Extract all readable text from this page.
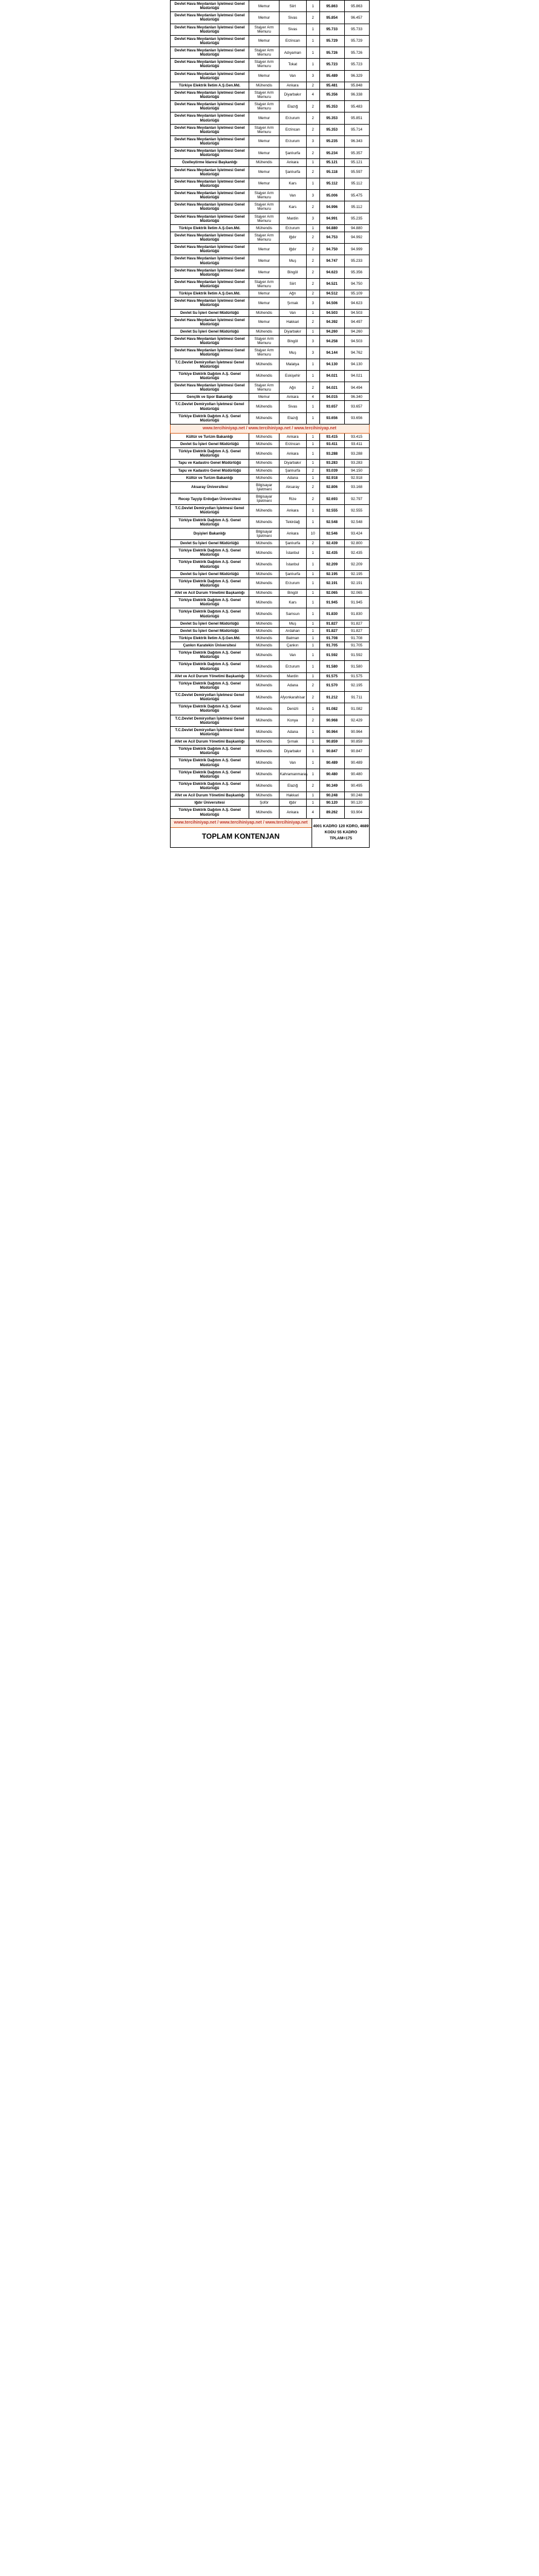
Devlet Hava Meydanları İşletmesi Genel Müdürlüğü	Memur	Siirt	1	95.863	95.863
Devlet Hava Meydanları İşletmesi Genel Müdürlüğü	Memur	Sivas	2	95.854	96.457
Devlet Hava Meydanları İşletmesi Genel Müdürlüğü	Stajyer Arm Memuru	Sivas	1	95.733	95.733
Devlet Hava Meydanları İşletmesi Genel Müdürlüğü	Memur	Erzincan	1	95.729	95.729
Devlet Hava Meydanları İşletmesi Genel Müdürlüğü	Stajyer Arm Memuru	Adıyaman	1	95.726	95.726
Devlet Hava Meydanları İşletmesi Genel Müdürlüğü	Stajyer Arm Memuru	Tokat	1	95.723	95.723
Devlet Hava Meydanları İşletmesi Genel Müdürlüğü	Memur	Van	3	95.489	96.329
Türkiye Elektrik İletim A.Ş.Gen.Md.	Mühendis	Ankara	2	95.481	95.848
Devlet Hava Meydanları İşletmesi Genel Müdürlüğü	Stajyer Arm Memuru	Diyarbakır	4	95.356	96.338
Devlet Hava Meydanları İşletmesi Genel Müdürlüğü	Stajyer Arm Memuru	Elazığ	2	95.353	95.483
Devlet Hava Meydanları İşletmesi Genel Müdürlüğü	Memur	Erzurum	2	95.353	95.851
Devlet Hava Meydanları İşletmesi Genel Müdürlüğü	Stajyer Arm Memuru	Erzincan	2	95.353	95.714
Devlet Hava Meydanları İşletmesi Genel Müdürlüğü	Memur	Erzurum	3	95.235	96.343
Devlet Hava Meydanları İşletmesi Genel Müdürlüğü	Memur	Şanlıurfa	2	95.234	95.357
Özelleştirme İdaresi Başkanlığı	Mühendis	Ankara	1	95.121	95.121
Devlet Hava Meydanları İşletmesi Genel Müdürlüğü	Memur	Şanlıurfa	2	95.118	95.597
Devlet Hava Meydanları İşletmesi Genel Müdürlüğü	Memur	Kars	1	95.112	95.112
Devlet Hava Meydanları İşletmesi Genel Müdürlüğü	Stajyer Arm Memuru	Van	3	95.006	95.475
Devlet Hava Meydanları İşletmesi Genel Müdürlüğü	Stajyer Arm Memuru	Kars	2	94.996	95.112
Devlet Hava Meydanları İşletmesi Genel Müdürlüğü	Stajyer Arm Memuru	Mardin	3	94.991	95.235
Türkiye Elektrik İletim A.Ş.Gen.Md.	Mühendis	Erzurum	1	94.880	94.880
Devlet Hava Meydanları İşletmesi Genel Müdürlüğü	Stajyer Arm Memuru	Iğdır	2	94.753	94.992
Devlet Hava Meydanları İşletmesi Genel Müdürlüğü	Memur	Iğdır	2	94.750	94.999
Devlet Hava Meydanları İşletmesi Genel Müdürlüğü	Memur	Muş	2	94.747	95.233
Devlet Hava Meydanları İşletmesi Genel Müdürlüğü	Memur	Bingöl	2	94.623	95.356
Devlet Hava Meydanları İşletmesi Genel Müdürlüğü	Stajyer Arm Memuru	Siirt	2	94.521	94.750
Türkiye Elektrik İletim A.Ş.Gen.Md.	Memur	Ağrı	2	94.512	95.109
Devlet Hava Meydanları İşletmesi Genel Müdürlüğü	Memur	Şırnak	3	94.506	94.623
Devlet Su İşleri Genel Müdürlüğü	Mühendis	Van	1	94.503	94.503
Devlet Hava Meydanları İşletmesi Genel Müdürlüğü	Memur	Hakkari	2	94.392	94.497
Devlet Su İşleri Genel Müdürlüğü	Mühendis	Diyarbakır	1	94.260	94.260
Devlet Hava Meydanları İşletmesi Genel Müdürlüğü	Stajyer Arm Memuru	Bingöl	3	94.258	94.503
Devlet Hava Meydanları İşletmesi Genel Müdürlüğü	Stajyer Arm Memuru	Muş	3	94.144	94.762
T.C.Devlet Demiryolları İşletmesi Genel Müdürlüğü	Mühendis	Malatya	1	94.130	94.130
Türkiye Elektrik Dağıtım A.Ş. Genel Müdürlüğü	Mühendis	Eskişehir	1	94.021	94.021
Devlet Hava Meydanları İşletmesi Genel Müdürlüğü	Stajyer Arm Memuru	Ağrı	2	94.021	94.494
Gençlik ve Spor Bakanlığı	Memur	Ankara	4	94.015	96.340
T.C.Devlet Demiryolları İşletmesi Genel Müdürlüğü	Mühendis	Sivas	1	93.657	93.657
Türkiye Elektrik Dağıtım A.Ş. Genel Müdürlüğü	Mühendis	Elazığ	1	93.656	93.656
www.tercihiniyap.net / www.tercihiniyap.net / www.tercihiniyap.net					
Kültür ve Turizm Bakanlığı	Mühendis	Ankara	1	93.415	93.415
Devlet Su İşleri Genel Müdürlüğü	Mühendis	Erzincan	1	93.411	93.411
Türkiye Elektrik Dağıtım A.Ş. Genel Müdürlüğü	Mühendis	Ankara	1	93.288	93.288
Tapu ve Kadastro Genel Müdürlüğü	Mühendis	Diyarbakır	1	93.283	93.283
Tapu ve Kadastro Genel Müdürlüğü	Mühendis	Şanlıurfa	2	93.039	94.150
Kültür ve Turizm Bakanlığı	Mühendis	Adana	1	92.918	92.918
Aksaray Üniversitesi	Bilgisayar İşletmeni	Aksaray	2	92.806	93.168
Recep Tayyip Erdoğan Üniversitesi	Bilgisayar İşletmeni	Rize	2	92.693	92.797
T.C.Devlet Demiryolları İşletmesi Genel Müdürlüğü	Mühendis	Ankara	1	92.555	92.555
Türkiye Elektrik Dağıtım A.Ş. Genel Müdürlüğü	Mühendis	Tekirdağ	1	92.548	92.548
Dışişleri Bakanlığı	Bilgisayar İşletmeni	Ankara	10	92.546	93.424
Devlet Su İşleri Genel Müdürlüğü	Mühendis	Şanlıurfa	2	92.439	92.800
Türkiye Elektrik Dağıtım A.Ş. Genel Müdürlüğü	Mühendis	İstanbul	1	92.435	92.435
Türkiye Elektrik Dağıtım A.Ş. Genel Müdürlüğü	Mühendis	İstanbul	1	92.209	92.209
Devlet Su İşleri Genel Müdürlüğü	Mühendis	Şanlıurfa	1	92.195	92.195
Türkiye Elektrik Dağıtım A.Ş. Genel Müdürlüğü	Mühendis	Erzurum	1	92.191	92.191
Afet ve Acil Durum Yönetimi Başkanlığı	Mühendis	Bingöl	1	92.065	92.065
Türkiye Elektrik Dağıtım A.Ş. Genel Müdürlüğü	Mühendis	Kars	1	91.945	91.945
Türkiye Elektrik Dağıtım A.Ş. Genel Müdürlüğü	Mühendis	Samsun	1	91.830	91.830
Devlet Su İşleri Genel Müdürlüğü	Mühendis	Muş	1	91.827	91.827
Devlet Su İşleri Genel Müdürlüğü	Mühendis	Ardahan	1	91.827	91.827
Türkiye Elektrik İletim A.Ş.Gen.Md.	Mühendis	Batman	1	91.708	91.708
Çankırı Karatekin Üniversitesi	Mühendis	Çankırı	1	91.705	91.705
Türkiye Elektrik Dağıtım A.Ş. Genel Müdürlüğü	Mühendis	Van	1	91.592	91.592
Türkiye Elektrik Dağıtım A.Ş. Genel Müdürlüğü	Mühendis	Erzurum	1	91.580	91.580
Afet ve Acil Durum Yönetimi Başkanlığı	Mühendis	Mardin	1	91.575	91.575
Türkiye Elektrik Dağıtım A.Ş. Genel Müdürlüğü	Mühendis	Adana	2	91.570	92.195
T.C.Devlet Demiryolları İşletmesi Genel Müdürlüğü	Mühendis	Afyonkarahisar	2	91.212	91.711
Türkiye Elektrik Dağıtım A.Ş. Genel Müdürlüğü	Mühendis	Denizli	1	91.082	91.082
T.C.Devlet Demiryolları İşletmesi Genel Müdürlüğü	Mühendis	Konya	2	90.968	92.429
T.C.Devlet Demiryolları İşletmesi Genel Müdürlüğü	Mühendis	Adana	1	90.964	90.964
Afet ve Acil Durum Yönetimi Başkanlığı	Mühendis	Şırnak	1	90.859	90.859
Türkiye Elektrik Dağıtım A.Ş. Genel Müdürlüğü	Mühendis	Diyarbakır	1	90.847	90.847
Türkiye Elektrik Dağıtım A.Ş. Genel Müdürlüğü	Mühendis	Van	1	90.489	90.489
Türkiye Elektrik Dağıtım A.Ş. Genel Müdürlüğü	Mühendis	Kahramanmaraş	1	90.480	90.480
Türkiye Elektrik Dağıtım A.Ş. Genel Müdürlüğü	Mühendis	Elazığ	2	90.349	90.495
Afet ve Acil Durum Yönetimi Başkanlığı	Mühendis	Hakkari	1	90.248	90.248
Iğdır Üniversitesi	Şoför	Iğdır	1	90.120	90.120
Türkiye Elektrik Dağıtım A.Ş. Genel Müdürlüğü	Mühendis	Ankara	4	89.262	93.904

www.tercihiniyap.net / www.tercihiniyap.net / www.tercihiniyap.net
TOPLAM KONTENJAN
4001 KADRO 120 KDRO, 4689
KODU 55 KADRO TPLAM=175					
